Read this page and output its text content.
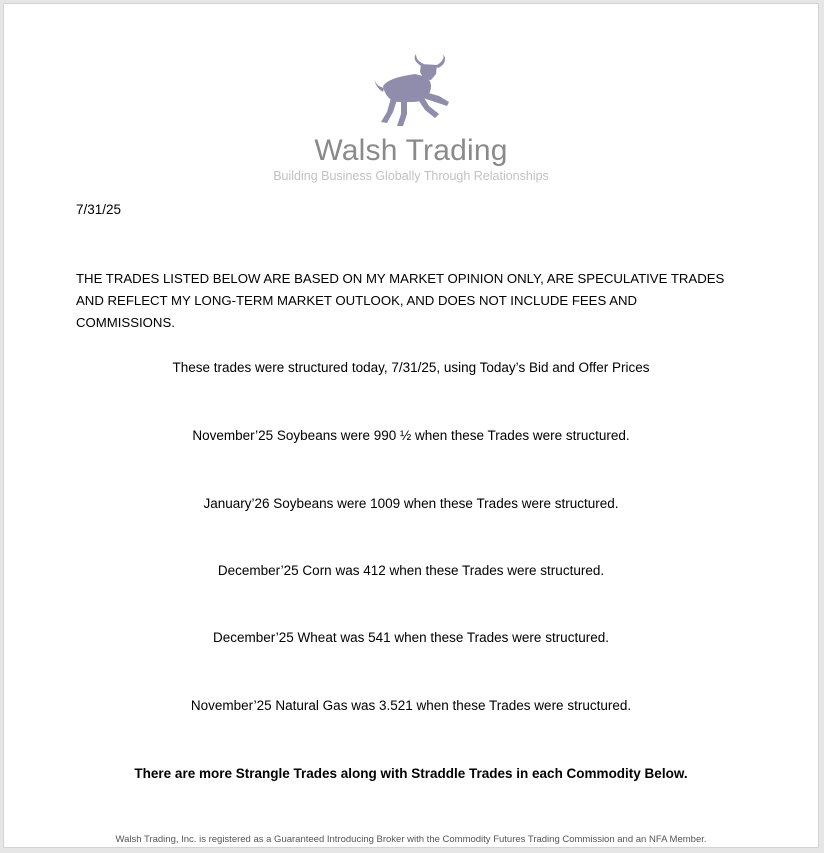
Walsh Trading
Building Business Globally Through Relationships
7/31/25
THE TRADES LISTED BELOW ARE BASED ON MY MARKET OPINION ONLY, ARE SPECULATIVE TRADES AND REFLECT MY LONG-TERM MARKET OUTLOOK, AND DOES NOT INCLUDE FEES AND COMMISSIONS.
These trades were structured today, 7/31/25, using Today’s Bid and Offer Prices
November’25 Soybeans were 990 ½ when these Trades were structured.
January’26 Soybeans were 1009 when these Trades were structured.
December’25 Corn was 412 when these Trades were structured.
December’25 Wheat was 541 when these Trades were structured.
November’25 Natural Gas was 3.521 when these Trades were structured.
There are more Strangle Trades along with Straddle Trades in each Commodity Below.
Walsh Trading, Inc. is registered as a Guaranteed Introducing Broker with the Commodity Futures Trading Commission and an NFA Member.
